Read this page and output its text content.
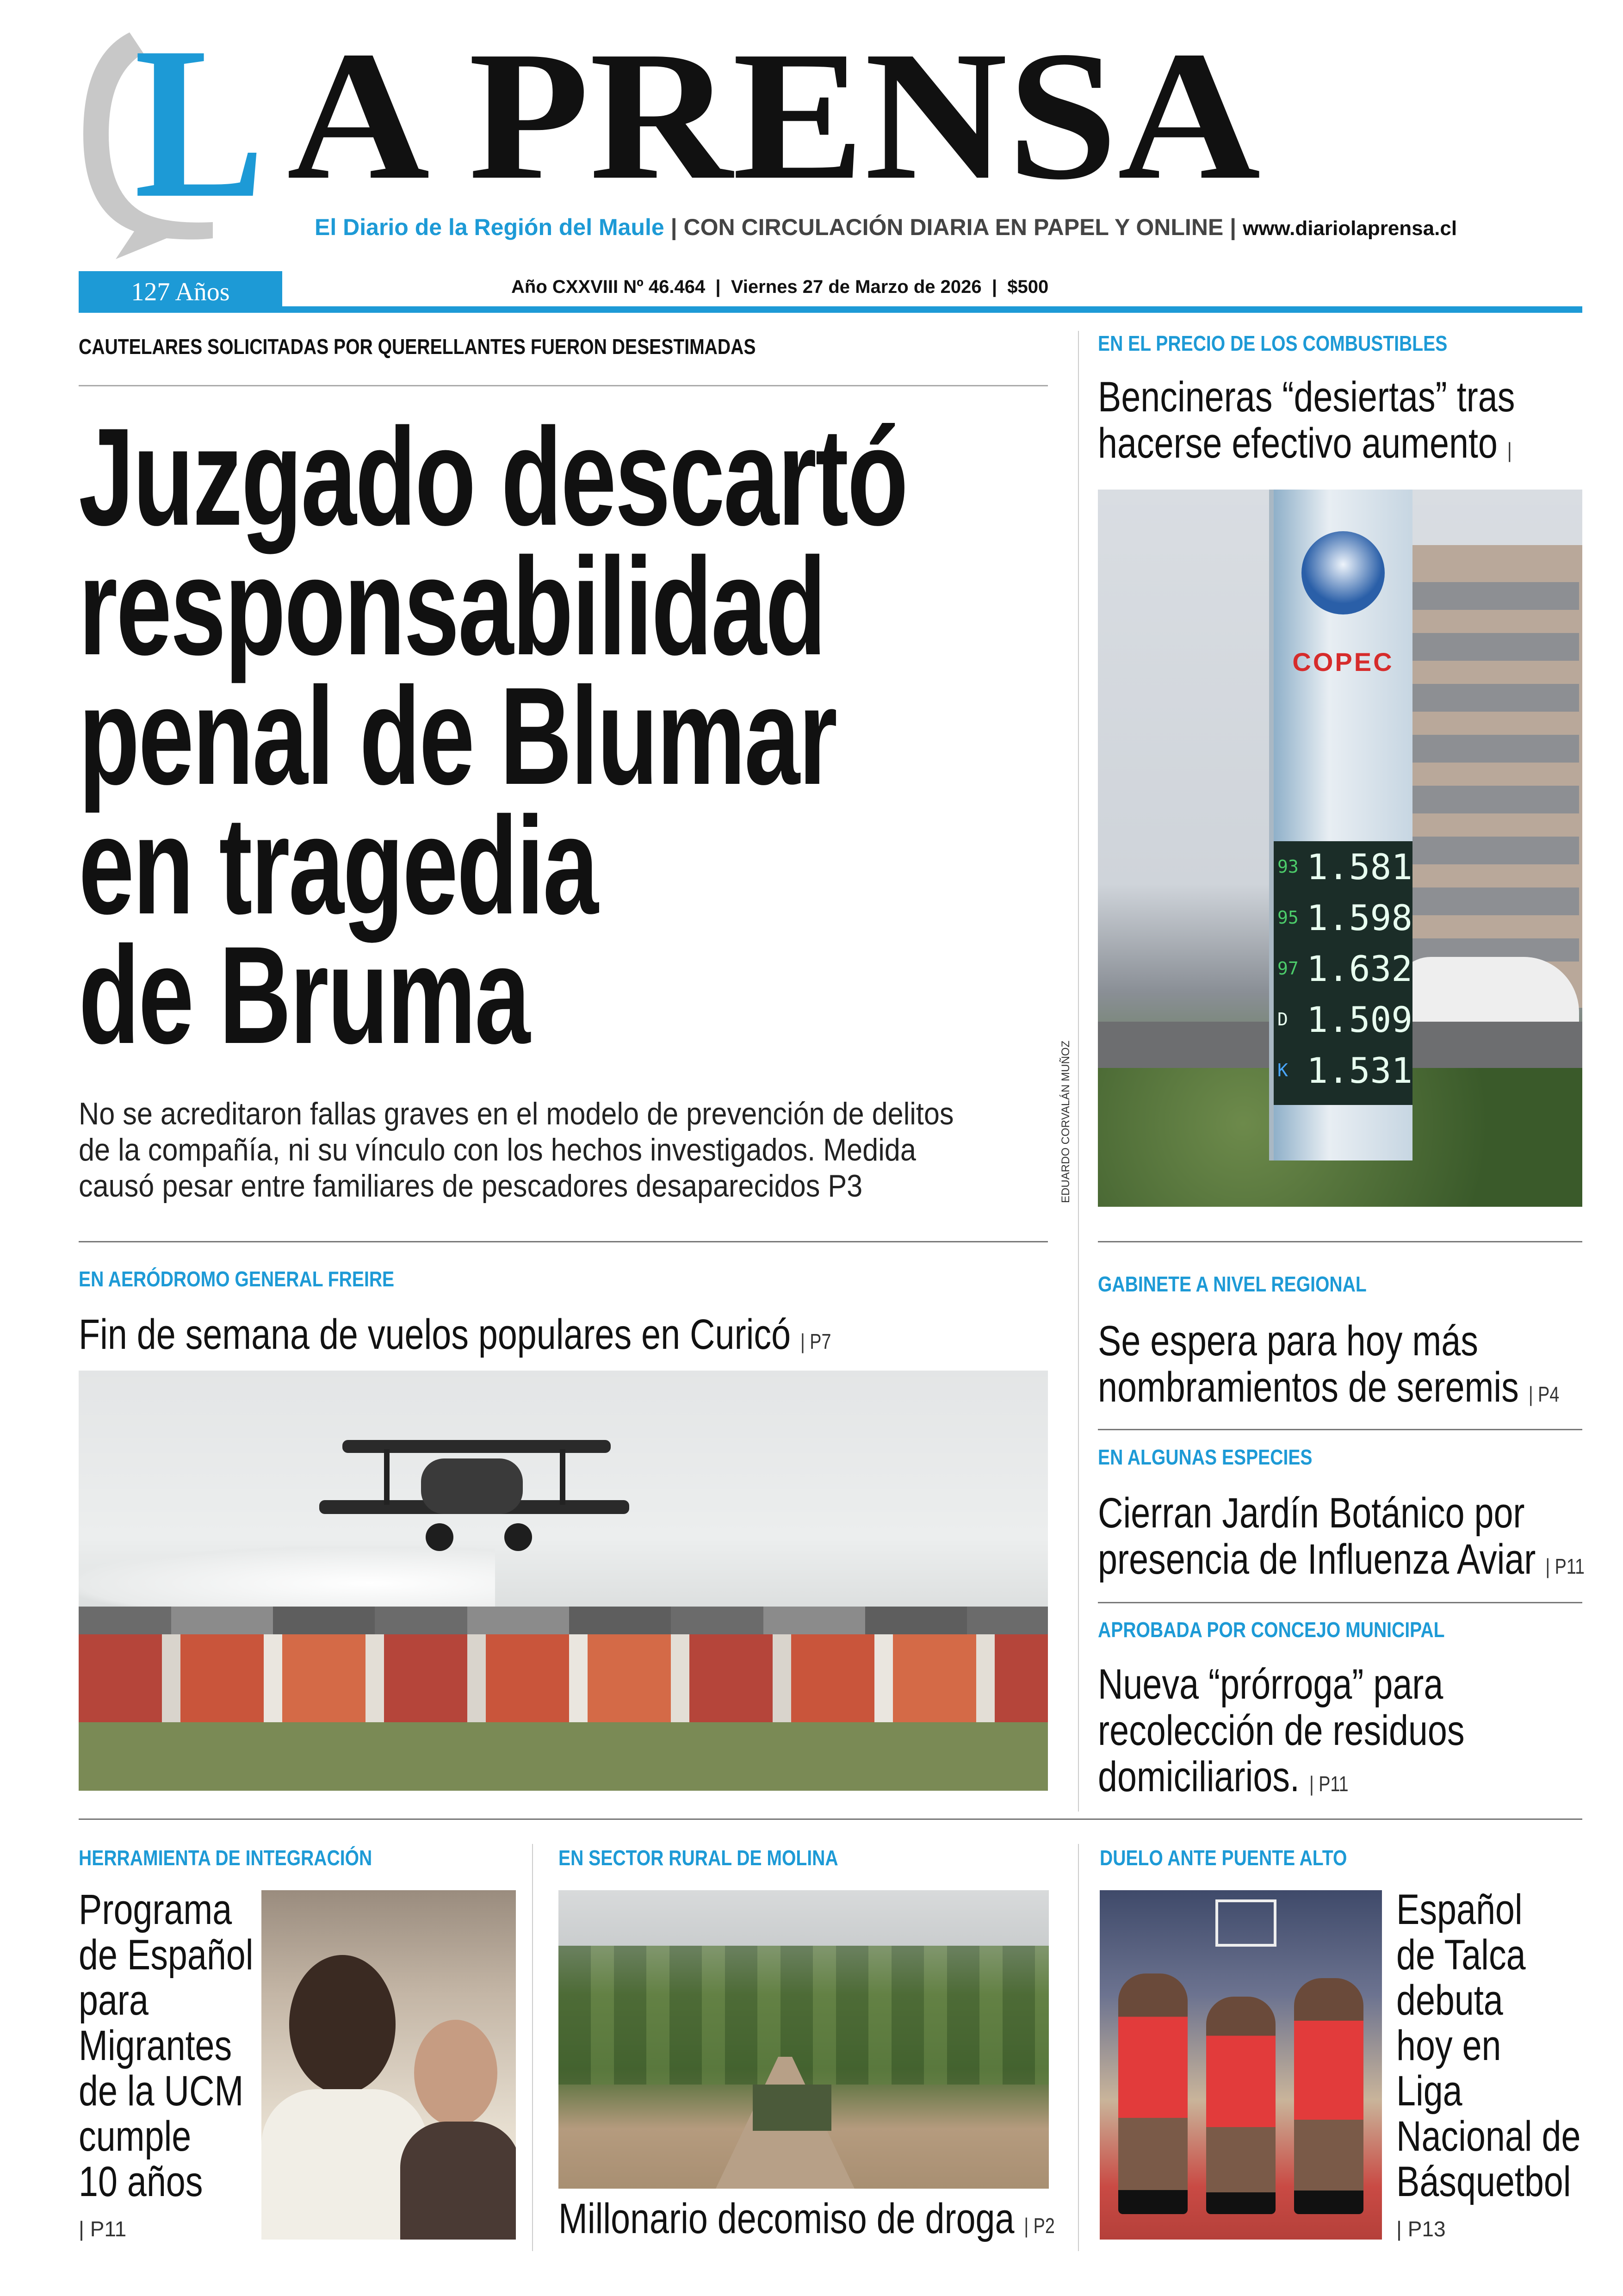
L A PRENSA
El Diario de la Región del Maule | CON CIRCULACIÓN DIARIA EN PAPEL Y ONLINE | www.diariolaprensa.cl
127 Años	Año CXXVIII Nº 46.464  |  Viernes 27 de Marzo de 2026  |  $500
CAUTELARES SOLICITADAS POR QUERELLANTES FUERON DESESTIMADAS
Juzgado descartó
responsabilidad
penal de Blumar
en tragedia
de Bruma
No se acreditaron fallas graves en el modelo de prevención de delitos
de la compañía, ni su vínculo con los hechos investigados. Medida
causó pesar entre familiares de pescadores desaparecidos P3
EN EL PRECIO DE LOS COMBUSTIBLES
Bencineras “desiertas” tras
hacerse efectivo aumento |
COPEC
93 1.581
95 1.598
97 1.632
D 1.509
K 1.531
EDUARDO CORVALÁN MUÑOZ
EN AERÓDROMO GENERAL FREIRE
Fin de semana de vuelos populares en Curicó | P7
GABINETE A NIVEL REGIONAL
Se espera para hoy más
nombramientos de seremis | P4
EN ALGUNAS ESPECIES
Cierran Jardín Botánico por
presencia de Influenza Aviar | P11
APROBADA POR CONCEJO MUNICIPAL
Nueva “prórroga” para
recolección de residuos
domiciliarios. | P11
HERRAMIENTA DE INTEGRACIÓN
Programa
de Español
para
Migrantes
de la UCM
cumple
10 años
| P11
EN SECTOR RURAL DE MOLINA
Millonario decomiso de droga | P2
DUELO ANTE PUENTE ALTO
Español
de Talca
debuta
hoy en
Liga
Nacional de
Básquetbol
| P13
